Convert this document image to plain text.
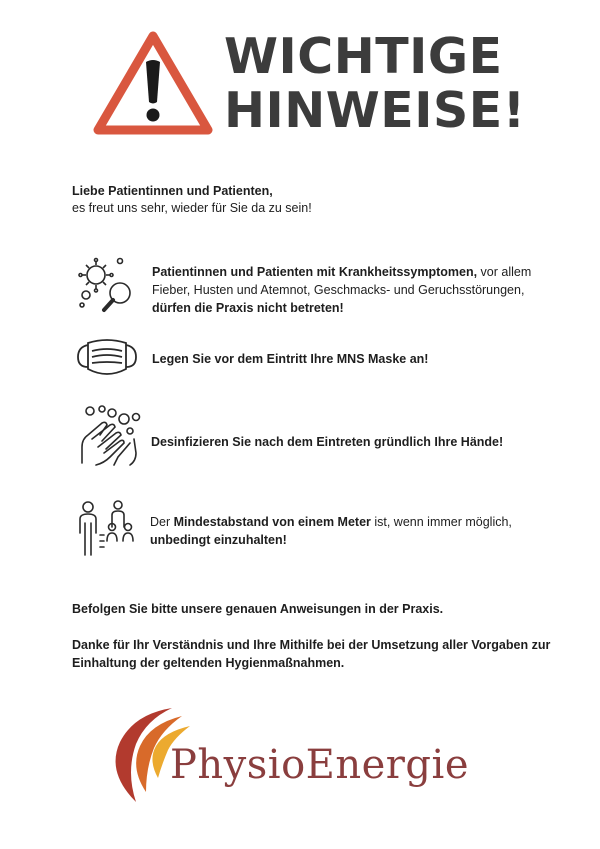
WICHTIGE
HINWEISE!
Liebe Patientinnen und Patienten,
es freut uns sehr, wieder für Sie da zu sein!
Patientinnen und Patienten mit Krankheitssymptomen, vor allem Fieber, Husten und Atemnot, Geschmacks- und Geruchsstörungen, dürfen die Praxis nicht betreten!
Legen Sie vor dem Eintritt Ihre MNS Maske an!
Desinfizieren Sie nach dem Eintreten gründlich Ihre Hände!
Der Mindestabstand von einem Meter ist, wenn immer möglich,
unbedingt einzuhalten!
Befolgen Sie bitte unsere genauen Anweisungen in der Praxis.
Danke für Ihr Verständnis und Ihre Mithilfe bei der Umsetzung aller Vorgaben zur Einhaltung der geltenden Hygienmaßnahmen.
PhysioEnergie
